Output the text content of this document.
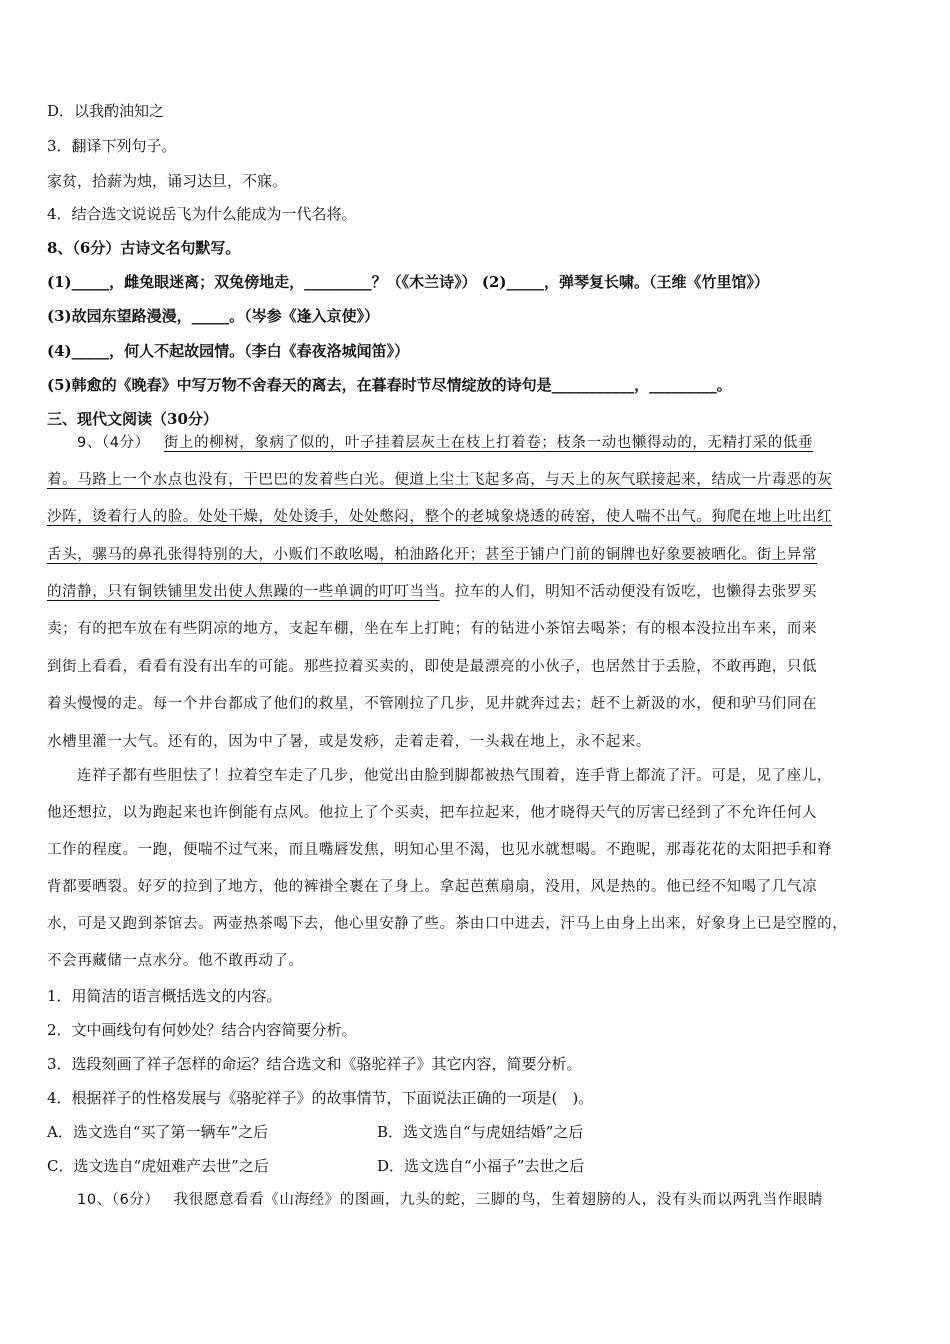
D．以我酌油知之
3．翻译下列句子。
家贫，拾薪为烛，诵习达旦，不寐。
4．结合选文说说岳飞为什么能成为一代名将。
8、（6分）古诗文名句默写。
(1)_____，雌兔眼迷离；双兔傍地走，_________？（《木兰诗》） (2)_____，弹琴复长啸。（王维《竹里馆》）
(3)故园东望路漫漫，_____。（岑参《逢入京使》）
(4)_____，何人不起故园情。（李白《春夜洛城闻笛》）
(5)韩愈的《晚春》中写万物不舍春天的离去，在暮春时节尽情绽放的诗句是___________，_________。
三、现代文阅读（30分）
9、（4分） 街上的柳树，象病了似的，叶子挂着层灰土在枝上打着卷；枝条一动也懒得动的，无精打采的低垂
着。马路上一个水点也没有，干巴巴的发着些白光。便道上尘土飞起多高，与天上的灰气联接起来，结成一片毒恶的灰
沙阵，烫着行人的脸。处处干燥，处处烫手，处处憋闷，整个的老城象烧透的砖窑，使人喘不出气。狗爬在地上吐出红
舌头，骡马的鼻孔张得特别的大，小贩们不敢吆喝，柏油路化开；甚至于铺户门前的铜牌也好象要被晒化。街上异常
的清静，只有铜铁铺里发出使人焦躁的一些单调的叮叮当当。拉车的人们，明知不活动便没有饭吃，也懒得去张罗买
卖；有的把车放在有些阴凉的地方，支起车棚，坐在车上打盹；有的钻进小茶馆去喝茶；有的根本没拉出车来，而来
到街上看看，看看有没有出车的可能。那些拉着买卖的，即使是最漂亮的小伙子，也居然甘于丢脸，不敢再跑，只低
着头慢慢的走。每一个井台都成了他们的救星，不管刚拉了几步，见井就奔过去；赶不上新汲的水，便和驴马们同在
水槽里灌一大气。还有的，因为中了暑，或是发痧，走着走着，一头栽在地上，永不起来。
连祥子都有些胆怯了！拉着空车走了几步，他觉出由脸到脚都被热气围着，连手背上都流了汗。可是，见了座儿，
他还想拉，以为跑起来也许倒能有点风。他拉上了个买卖，把车拉起来，他才晓得天气的厉害已经到了不允许任何人
工作的程度。一跑，便喘不过气来，而且嘴唇发焦，明知心里不渴，也见水就想喝。不跑呢，那毒花花的太阳把手和脊
背都要晒裂。好歹的拉到了地方，他的裤褂全裹在了身上。拿起芭蕉扇扇，没用，风是热的。他已经不知喝了几气凉
水，可是又跑到茶馆去。两壶热茶喝下去，他心里安静了些。茶由口中进去，汗马上由身上出来，好象身上已是空膛的，
不会再藏储一点水分。他不敢再动了。
1．用简洁的语言概括选文的内容。
2．文中画线句有何妙处？结合内容简要分析。
3．选段刻画了祥子怎样的命运？结合选文和《骆驼祥子》其它内容，简要分析。
4．根据祥子的性格发展与《骆驼祥子》的故事情节，下面说法正确的一项是(　)。
A．选文选自“买了第一辆车”之后	B．选文选自“与虎妞结婚”之后
C．选文选自“虎妞难产去世”之后	D．选文选自“小福子”去世之后
10、（6分） 我很愿意看看《山海经》的图画，九头的蛇，三脚的鸟，生着翅膀的人，没有头而以两乳当作眼睛
